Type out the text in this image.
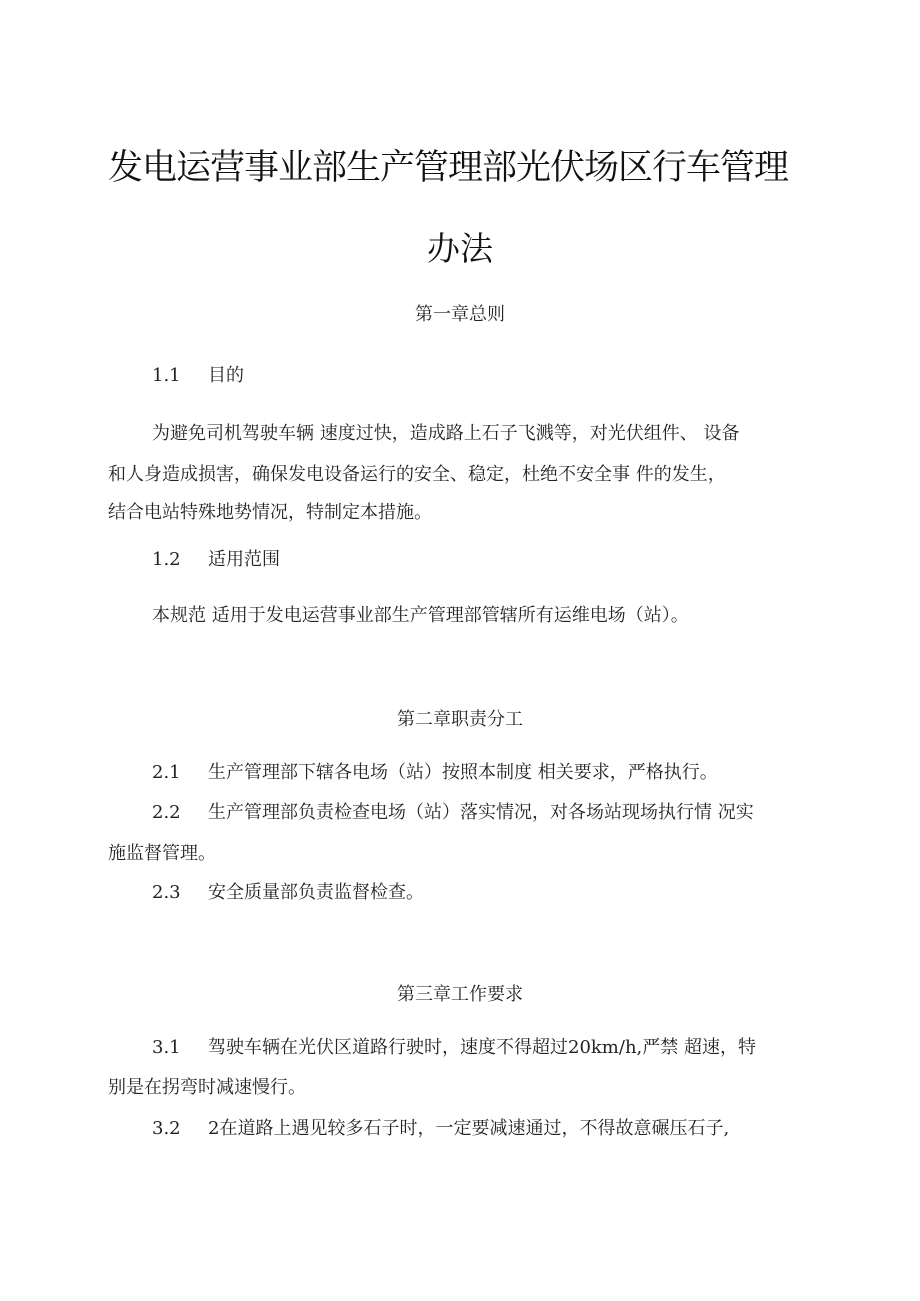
发电运营事业部生产管理部光伏场区行车管理
办法
第一章总则
1.1 目的
为避免司机驾驶车辆 速度过快，造成路上石子飞溅等，对光伏组件、 设备
和人身造成损害，确保发电设备运行的安全、稳定，杜绝不安全事 件的发生，
结合电站特殊地势情况，特制定本措施。
1.2 适用范围
本规范 适用于发电运营事业部生产管理部管辖所有运维电场（站）。
第二章职责分工
2.1 生产管理部下辖各电场（站）按照本制度 相关要求，严格执行。
2.2 生产管理部负责检查电场（站）落实情况，对各场站现场执行情 况实
施监督管理。
2.3 安全质量部负责监督检查。
第三章工作要求
3.1 驾驶车辆在光伏区道路行驶时，速度不得超过20km/h,严禁 超速，特
别是在拐弯时减速慢行。
3.2 2在道路上遇见较多石子时，一定要减速通过，不得故意碾压石子,
